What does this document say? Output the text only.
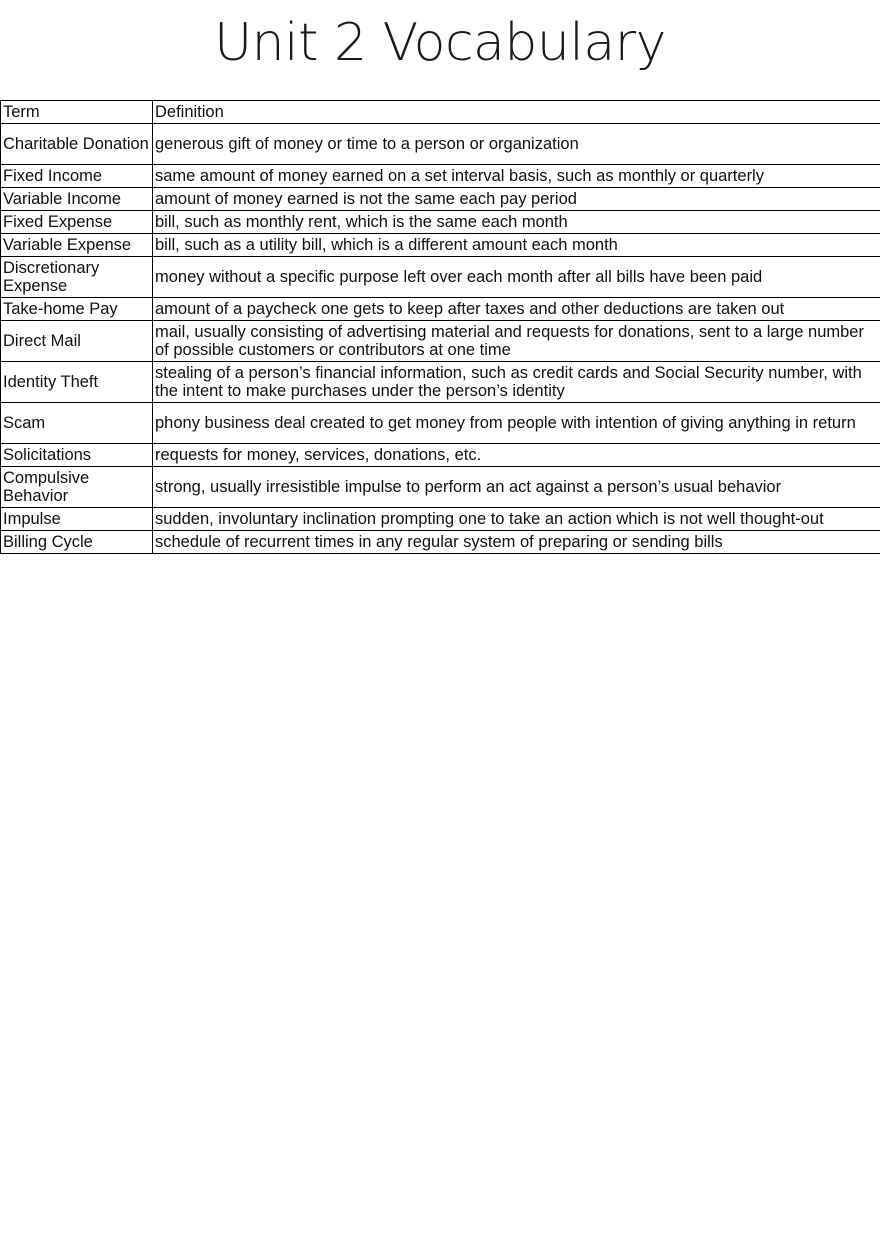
Unit 2 Vocabulary
Term	Definition
Charitable Donation	generous gift of money or time to a person or organization
Fixed Income	same amount of money earned on a set interval basis, such as monthly or quarterly
Variable Income	amount of money earned is not the same each pay period
Fixed Expense	bill, such as monthly rent, which is the same each month
Variable Expense	bill, such as a utility bill, which is a different amount each month
Discretionary Expense	money without a specific purpose left over each month after all bills have been paid
Take-home Pay	amount of a paycheck one gets to keep after taxes and other deductions are taken out
Direct Mail	mail, usually consisting of advertising material and requests for donations, sent to a large number of possible customers or contributors at one time
Identity Theft	stealing of a person’s financial information, such as credit cards and Social Security number, with the intent to make purchases under the person’s identity
Scam	phony business deal created to get money from people with intention of giving anything in return
Solicitations	requests for money, services, donations, etc.
Compulsive Behavior	strong, usually irresistible impulse to perform an act against a person’s usual behavior
Impulse	sudden, involuntary inclination prompting one to take an action which is not well thought-out
Billing Cycle	schedule of recurrent times in any regular system of preparing or sending bills
